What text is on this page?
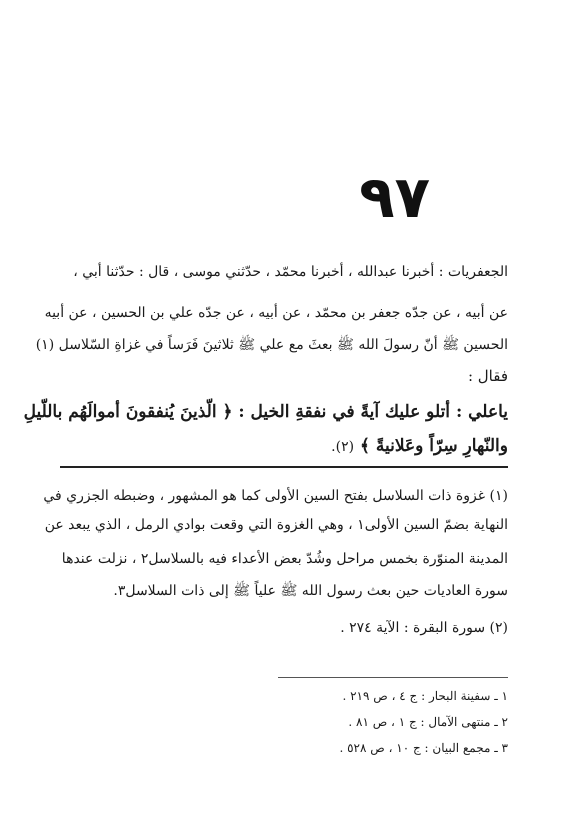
٩٧
الجعفريات : أخبرنا عبدالله ، أخبرنا محمّد ، حدّثني موسى ، قال : حدّثنا أبي ،
عن أبيه ، عن جدّه جعفر بن محمّد ، عن أبيه ، عن جدّه علي بن الحسين ، عن أبيه
الحسين ﷺ أنّ رسولَ الله ﷺ بعثَ مع علي ﷺ ثلاثينَ فَرَساً في غزاةِ السّلاسل (١)
فقال :
ياعلي : أتلو عليك آيةً في نفقةِ الخيل : ﴿ الّذينَ يُنفقونَ أموالَهُم باللّيلِ
والنّهارِ سِرّاً وعَلانيةً ﴾ (٢).
(١) غزوة ذات السلاسل بفتح السين الأولى كما هو المشهور ، وضبطه الجزري في
النهاية بضمّ السين الأولى١ ، وهي الغزوة التي وقعت بوادي الرمل ، الذي يبعد عن
المدينة المنوّرة بخمس مراحل وشُدّ بعض الأعداء فيه بالسلاسل٢ ، نزلت عندها
سورة العاديات حين بعث رسول الله ﷺ علياً ﷺ إلى ذات السلاسل٣.
(٢) سورة البقرة : الآية ٢٧٤ .
١ ـ سفينة البحار : ج ٤ ، ص ٢١٩ .
٢ ـ منتهى الآمال : ج ١ ، ص ٨١ .
٣ ـ مجمع البيان : ج ١٠ ، ص ٥٢٨ .
